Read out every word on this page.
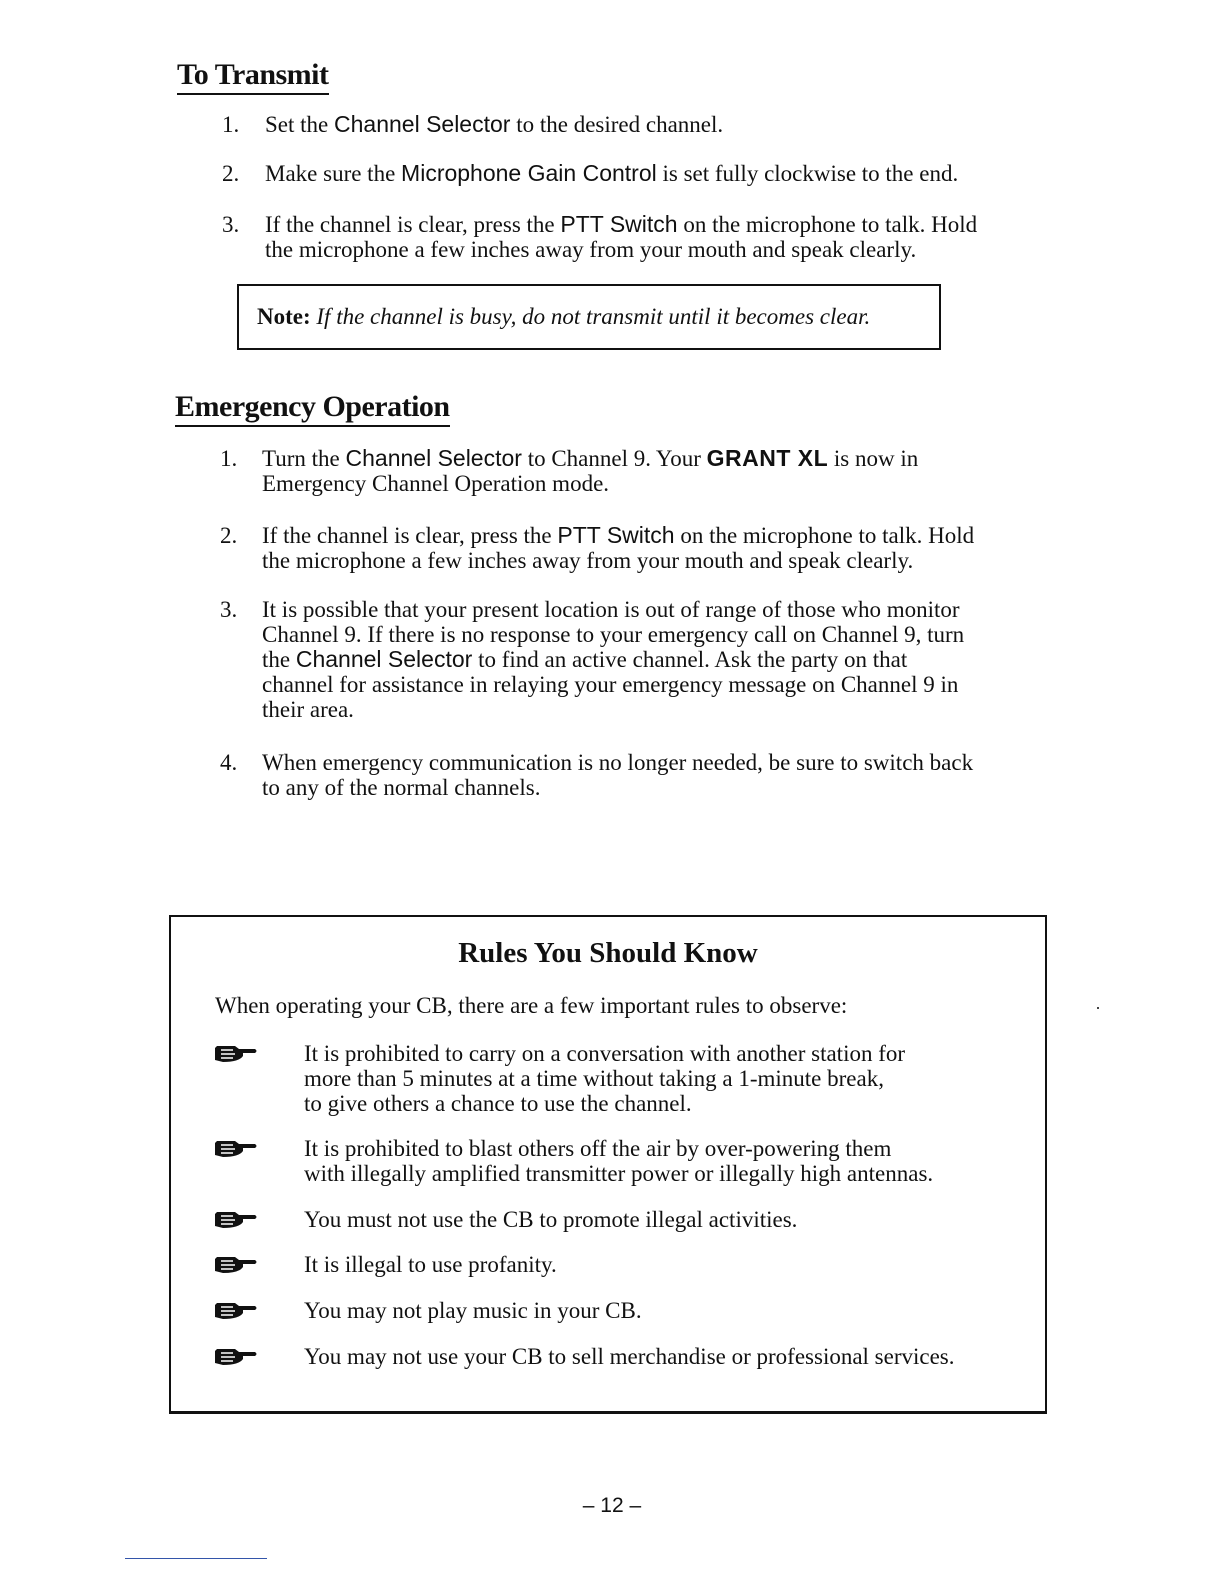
To Transmit
1.	Set the Channel Selector to the desired channel.
2.	Make sure the Microphone Gain Control is set fully clockwise to the end.
3.	If the channel is clear, press the PTT Switch on the microphone to talk. Hold
the microphone a few inches away from your mouth and speak clearly.
Note: If the channel is busy, do not transmit until it becomes clear.
Emergency Operation
1.	Turn the Channel Selector to Channel 9. Your GRANT XL is now in
Emergency Channel Operation mode.
2.	If the channel is clear, press the PTT Switch on the microphone to talk. Hold
the microphone a few inches away from your mouth and speak clearly.
3.	It is possible that your present location is out of range of those who monitor
Channel 9. If there is no response to your emergency call on Channel 9, turn
the Channel Selector to find an active channel. Ask the party on that
channel for assistance in relaying your emergency message on Channel 9 in
their area.
4.	When emergency communication is no longer needed, be sure to switch back
to any of the normal channels.
Rules You Should Know
When operating your CB, there are a few important rules to observe:
It is prohibited to carry on a conversation with another station for
more than 5 minutes at a time without taking a 1-minute break,
to give others a chance to use the channel.
It is prohibited to blast others off the air by over-powering them
with illegally amplified transmitter power or illegally high antennas.
You must not use the CB to promote illegal activities.
It is illegal to use profanity.
You may not play music in your CB.
You may not use your CB to sell merchandise or professional services.
– 12 –
